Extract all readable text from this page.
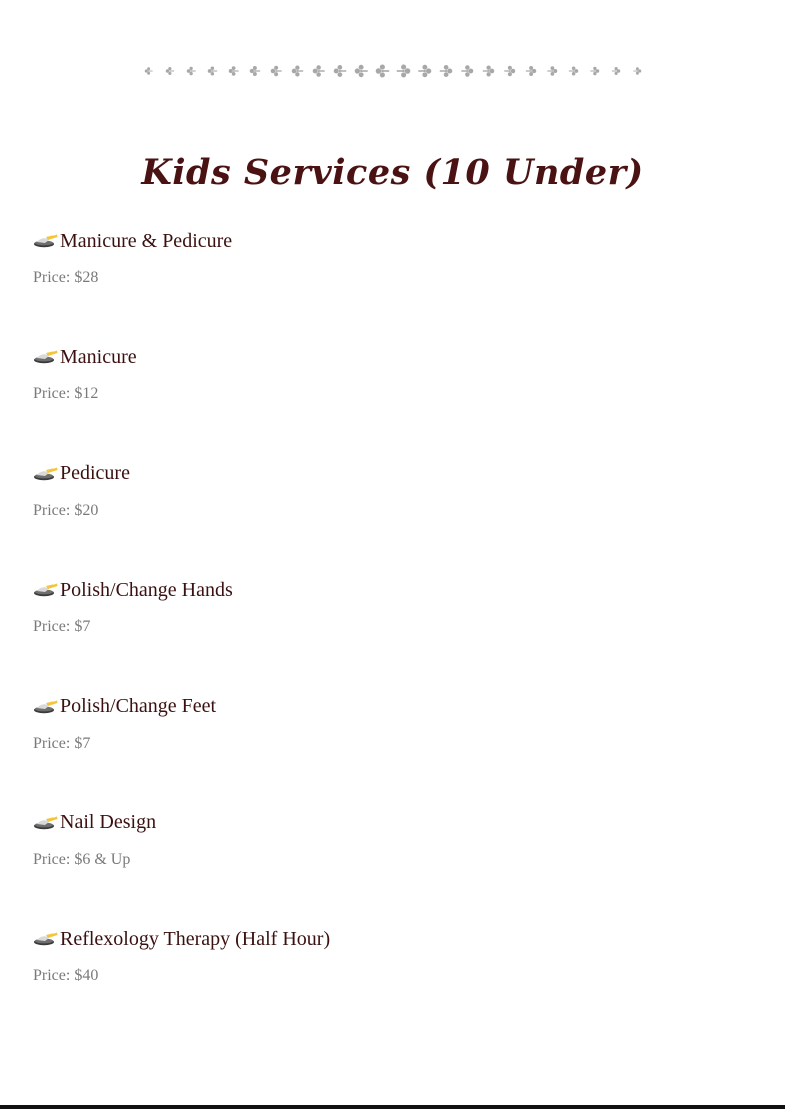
Kids Services (10 Under)
Manicure & Pedicure
Price: $28
Manicure
Price: $12
Pedicure
Price: $20
Polish/Change Hands
Price: $7
Polish/Change Feet
Price: $7
Nail Design
Price: $6 & Up
Reflexology Therapy (Half Hour)
Price: $40
